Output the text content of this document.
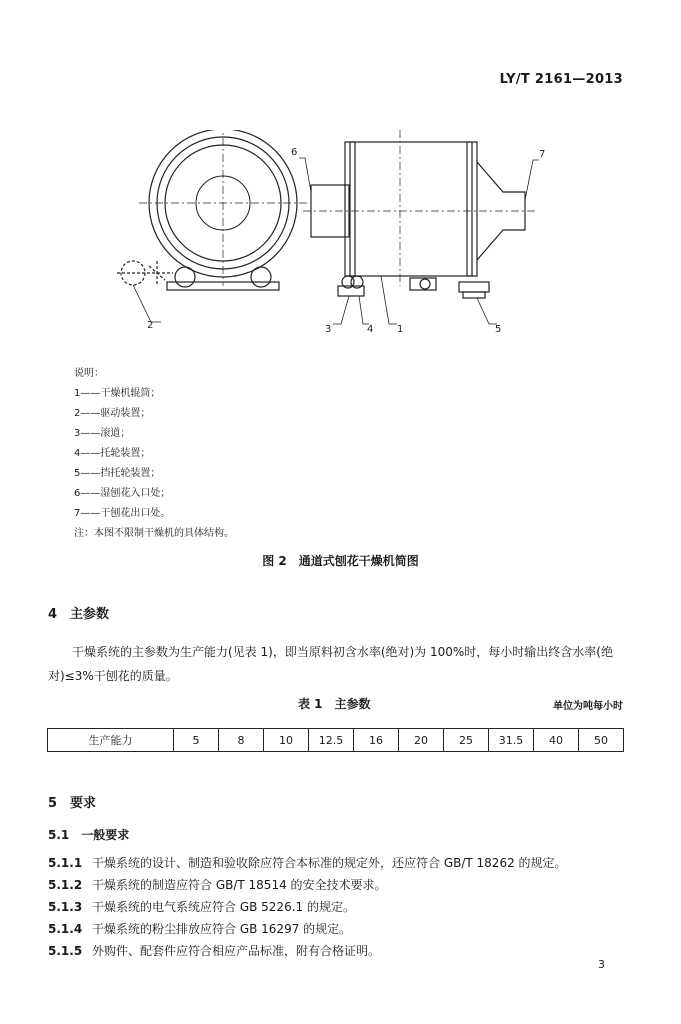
LY/T 2161—2013
6	7
2	3	4 1	5
说明：
1——干燥机辊筒；
2——驱动装置；
3——滚道；
4——托轮装置；
5——挡托轮装置；
6——湿刨花入口处；
7——干刨花出口处。
注：本图不限制干燥机的具体结构。
图 2　通道式刨花干燥机简图
4　主参数
干燥系统的主参数为生产能力(见表 1)，即当原料初含水率(绝对)为 100%时，每小时输出终含水率(绝对)≤3%干刨花的质量。
表 1　主参数	单位为吨每小时
生产能力	5	8	10	12.5	16	20	25	31.5	40	50
5　要求
5.1　一般要求
5.1.1 干燥系统的设计、制造和验收除应符合本标准的规定外，还应符合 GB/T 18262 的规定。
5.1.2 干燥系统的制造应符合 GB/T 18514 的安全技术要求。
5.1.3 干燥系统的电气系统应符合 GB 5226.1 的规定。
5.1.4 干燥系统的粉尘排放应符合 GB 16297 的规定。
5.1.5 外购件、配套件应符合相应产品标准，附有合格证明。
3
